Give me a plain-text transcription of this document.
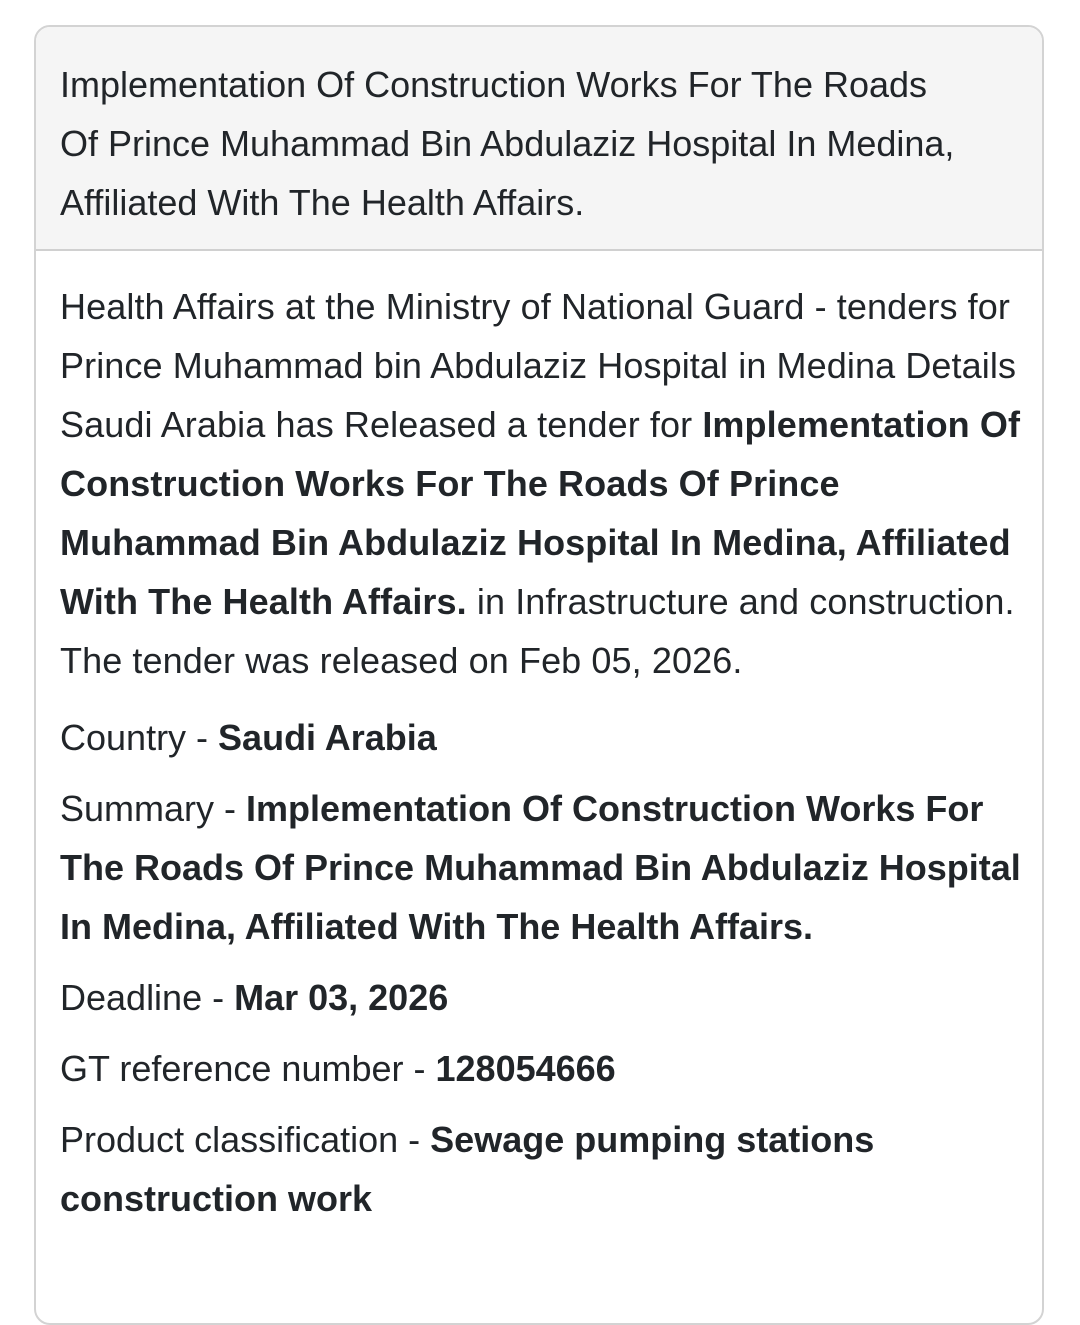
Implementation Of Construction Works For The Roads Of Prince Muhammad Bin Abdulaziz Hospital In Medina, Affiliated With The Health Affairs.

Health Affairs at the Ministry of National Guard - tenders for Prince Muhammad bin Abdulaziz Hospital in Medina Details Saudi Arabia has Released a tender for Implementation Of Construction Works For The Roads Of Prince Muhammad Bin Abdulaziz Hospital In Medina, Affiliated With The Health Affairs. in Infrastructure and construction. The tender was released on Feb 05, 2026.

Country - Saudi Arabia

Summary - Implementation Of Construction Works For The Roads Of Prince Muhammad Bin Abdulaziz Hospital In Medina, Affiliated With The Health Affairs.

Deadline - Mar 03, 2026

GT reference number - 128054666

Product classification - Sewage pumping stations construction work
